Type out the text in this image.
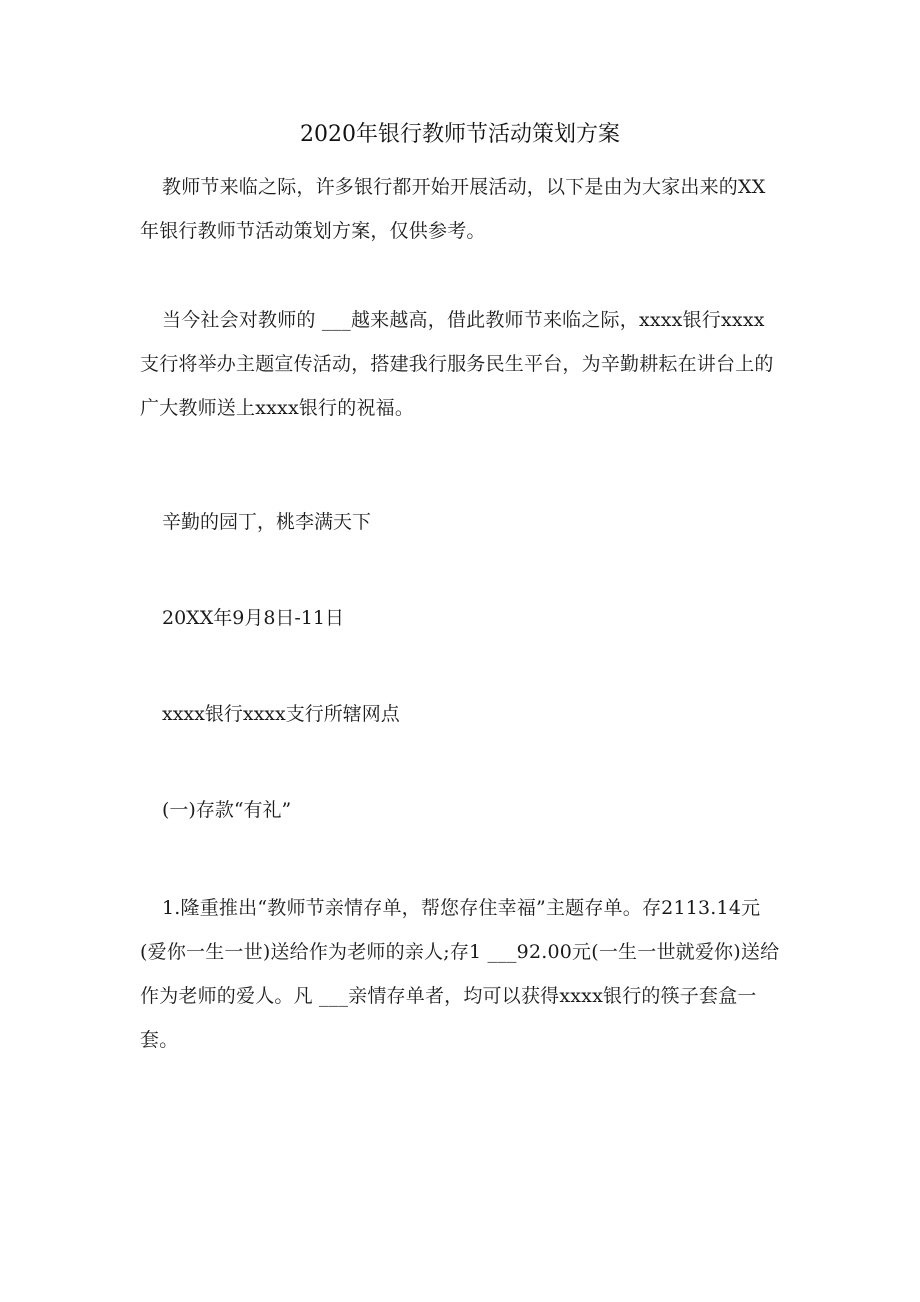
2020年银行教师节活动策划方案
教师节来临之际，许多银行都开始开展活动，以下是由为大家出来的XX年银行教师节活动策划方案，仅供参考。
当今社会对教师的 ___越来越高，借此教师节来临之际，xxxx银行xxxx支行将举办主题宣传活动，搭建我行服务民生平台，为辛勤耕耘在讲台上的广大教师送上xxxx银行的祝福。
辛勤的园丁，桃李满天下
20XX年9月8日-11日
xxxx银行xxxx支行所辖网点
(一)存款“有礼”
1.隆重推出“教师节亲情存单，帮您存住幸福”主题存单。存2113.14元(爱你一生一世)送给作为老师的亲人;存1 ___92.00元(一生一世就爱你)送给作为老师的爱人。凡 ___亲情存单者，均可以获得xxxx银行的筷子套盒一套。
